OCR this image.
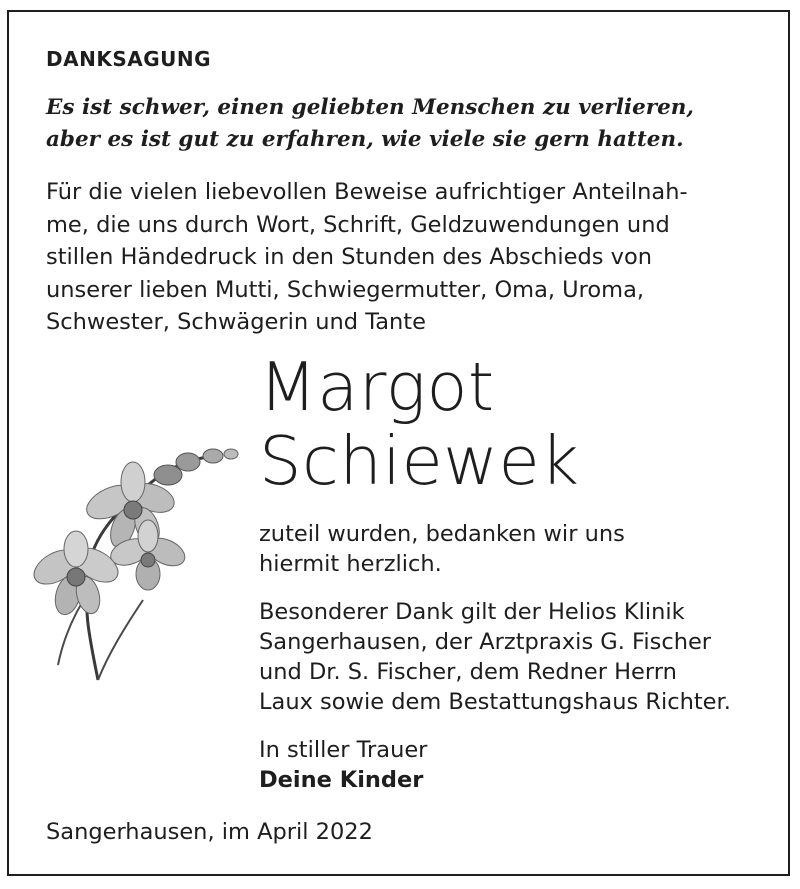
DANKSAGUNG
Es ist schwer, einen geliebten Menschen zu verlieren,
aber es ist gut zu erfahren, wie viele sie gern hatten.
Für die vielen liebevollen Beweise aufrichtiger Anteilnah-
me, die uns durch Wort, Schrift, Geldzuwendungen und
stillen Händedruck in den Stunden des Abschieds von
unserer lieben Mutti, Schwiegermutter, Oma, Uroma,
Schwester, Schwägerin und Tante
Margot
Schiewek
zuteil wurden, bedanken wir uns
hiermit herzlich.
Besonderer Dank gilt der Helios Klinik
Sangerhausen, der Arztpraxis G. Fischer
und Dr. S. Fischer, dem Redner Herrn
Laux sowie dem Bestattungshaus Richter.
In stiller Trauer
Deine Kinder
Sangerhausen, im April 2022
